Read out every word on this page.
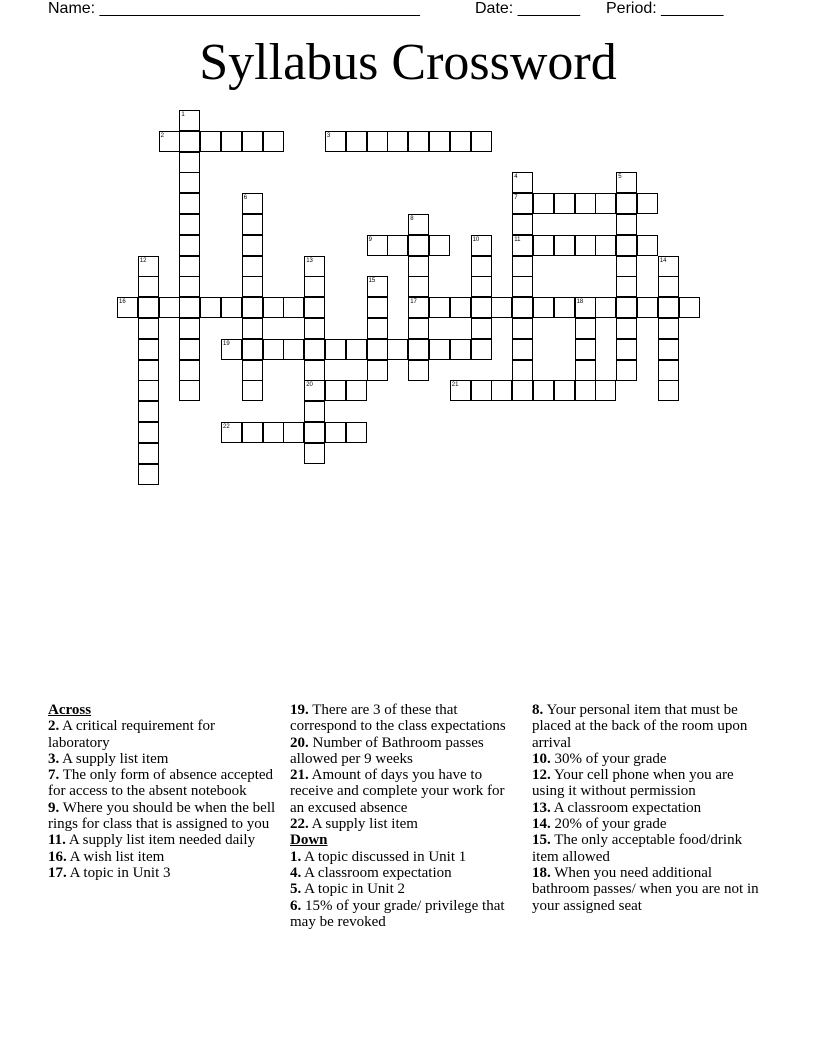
Name: ____________________________________	Date: _______ Period: _______
Syllabus Crossword
1
2	3
4	5
6	7
8
9	10	11
12	13	14
15
16	17	18
19
20	21
22
Across
2. A critical requirement for laboratory
3. A supply list item
7. The only form of absence accepted for access to the absent notebook
9. Where you should be when the bell rings for class that is assigned to you
11. A supply list item needed daily
16. A wish list item
17. A topic in Unit 3
19. There are 3 of these that correspond to the class expectations
20. Number of Bathroom passes allowed per 9 weeks
21. Amount of days you have to receive and complete your work for an excused absence
22. A supply list item
Down
1. A topic discussed in Unit 1
4. A classroom expectation
5. A topic in Unit 2
6. 15% of your grade/ privilege that may be revoked
8. Your personal item that must be placed at the back of the room upon arrival
10. 30% of your grade
12. Your cell phone when you are using it without permission
13. A classroom expectation
14. 20% of your grade
15. The only acceptable food/drink item allowed
18. When you need additional bathroom passes/ when you are not in your assigned seat
